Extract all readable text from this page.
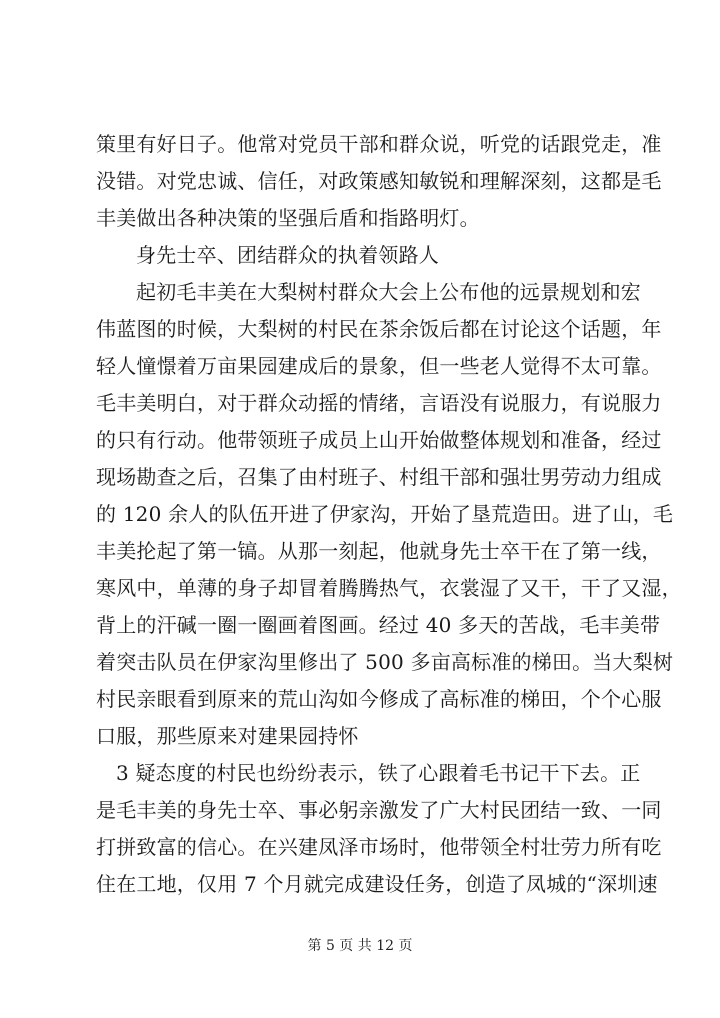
策里有好日子。他常对党员干部和群众说，听党的话跟党走，准
没错。对党忠诚、信任，对政策感知敏锐和理解深刻，这都是毛
丰美做出各种决策的坚强后盾和指路明灯。
身先士卒、团结群众的执着领路人
起初毛丰美在大梨树村群众大会上公布他的远景规划和宏
伟蓝图的时候，大梨树的村民在茶余饭后都在讨论这个话题，年
轻人憧憬着万亩果园建成后的景象，但一些老人觉得不太可靠。
毛丰美明白，对于群众动摇的情绪，言语没有说服力，有说服力
的只有行动。他带领班子成员上山开始做整体规划和准备，经过
现场勘查之后，召集了由村班子、村组干部和强壮男劳动力组成
的 120 余人的队伍开进了伊家沟，开始了垦荒造田。进了山，毛
丰美抡起了第一镐。从那一刻起，他就身先士卒干在了第一线，
寒风中，单薄的身子却冒着腾腾热气，衣裳湿了又干，干了又湿，
背上的汗碱一圈一圈画着图画。经过 40 多天的苦战，毛丰美带
着突击队员在伊家沟里修出了 500 多亩高标准的梯田。当大梨树
村民亲眼看到原来的荒山沟如今修成了高标准的梯田，个个心服
口服，那些原来对建果园持怀
3 疑态度的村民也纷纷表示，铁了心跟着毛书记干下去。正
是毛丰美的身先士卒、事必躬亲激发了广大村民团结一致、一同
打拼致富的信心。在兴建凤泽市场时，他带领全村壮劳力所有吃
第 5 页 共 12 页
住在工地，仅用 7 个月就完成建设任务，创造了凤城的“深圳速
